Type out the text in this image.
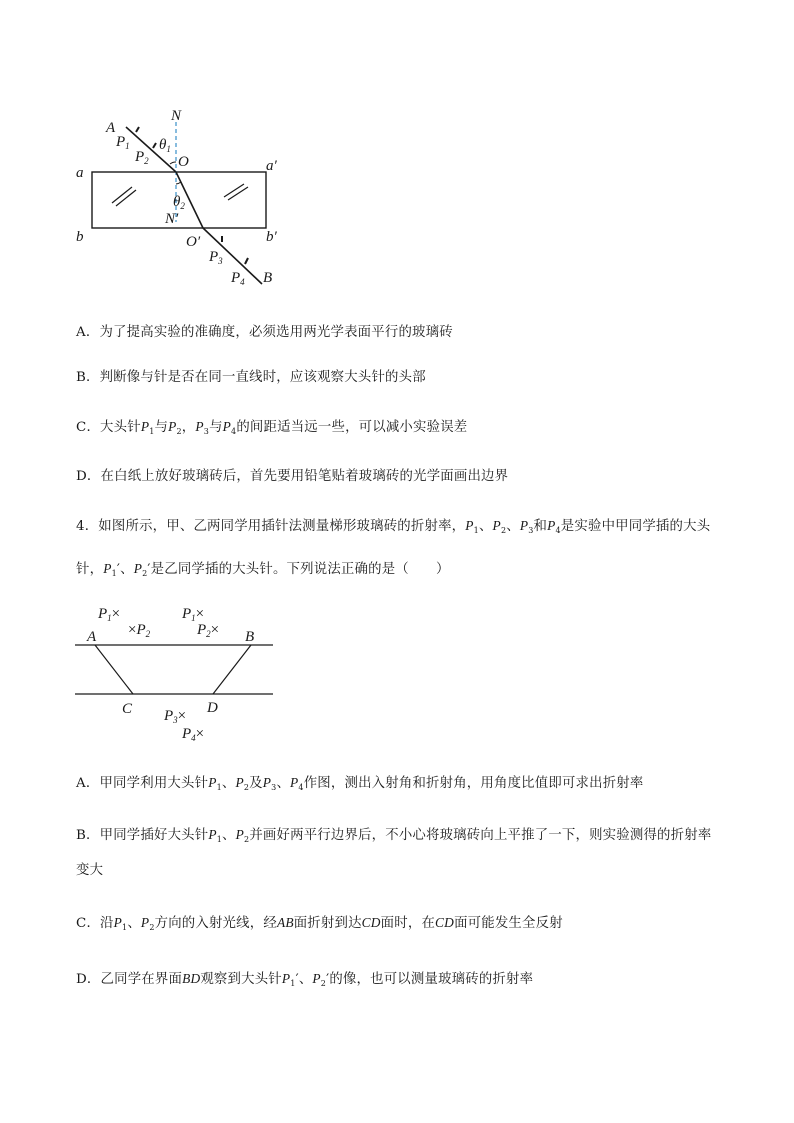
A
N
$P_1$ $\theta_1$
$P_2$ O
a	a′
$\theta_2$
N′
b	b′
O′
$P_3$
$P_4$ B
A．为了提高实验的准确度，必须选用两光学表面平行的玻璃砖
B．判断像与针是否在同一直线时，应该观察大头针的头部
C．大头针$P_1$与$P_2$，$P_3$与$P_4$的间距适当远一些，可以减小实验误差
D．在白纸上放好玻璃砖后，首先要用铅笔贴着玻璃砖的光学面画出边界
4．如图所示，甲、乙两同学用插针法测量梯形玻璃砖的折射率，$P_1$、$P_2$、$P_3$和$P_4$是实验中甲同学插的大头
针，$P_1'$、$P_2'$是乙同学插的大头针。下列说法正确的是（　　）
$P_1\times$
$\times P_2$
$P_1\times$
$P_2\times$
A	B
C	D
$P_3\times$
$P_4\times$
A．甲同学利用大头针$P_1$、$P_2$及$P_3$、$P_4$作图，测出入射角和折射角，用角度比值即可求出折射率
B．甲同学插好大头针$P_1$、$P_2$并画好两平行边界后，不小心将玻璃砖向上平推了一下，则实验测得的折射率
变大
C．沿$P_1$、$P_2$方向的入射光线，经AB面折射到达CD面时，在CD面可能发生全反射
D．乙同学在界面BD观察到大头针$P_1'$、$P_2'$的像，也可以测量玻璃砖的折射率
